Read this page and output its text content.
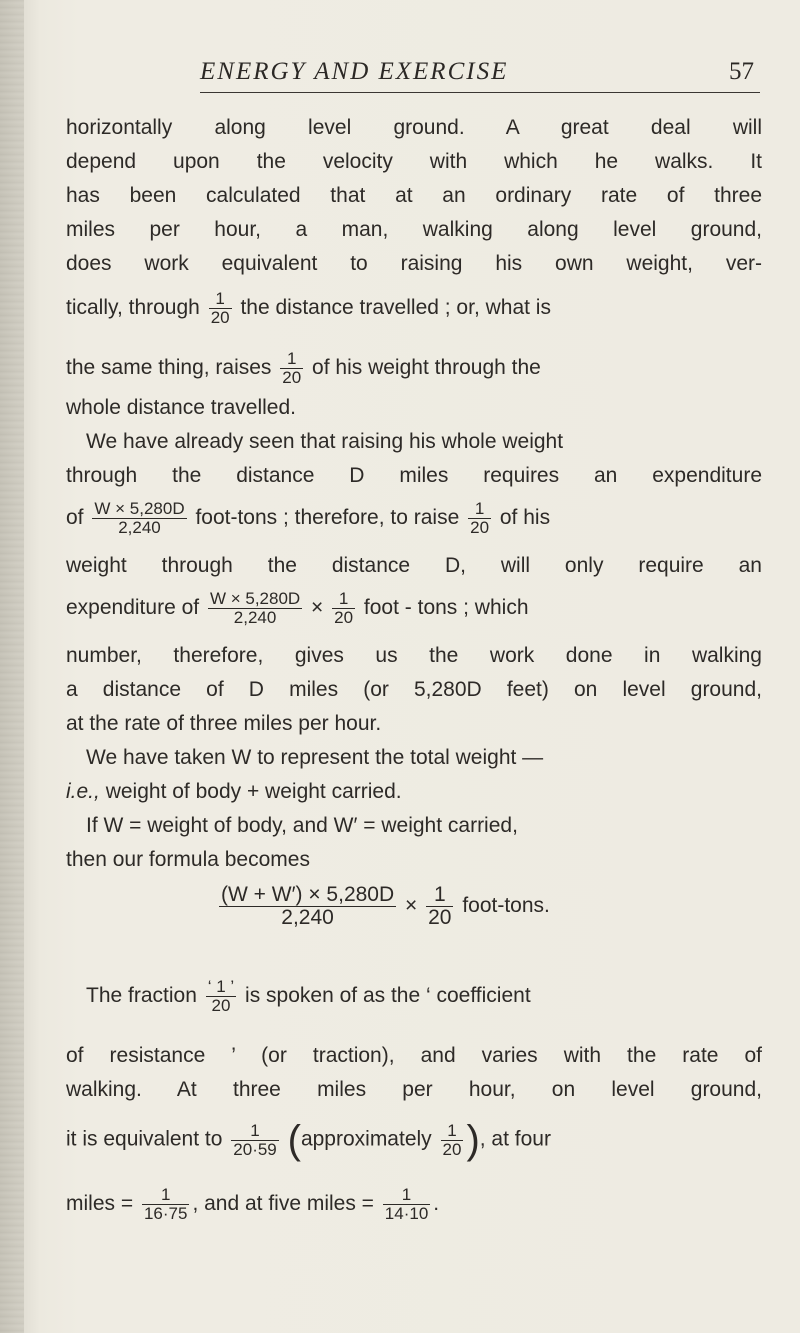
ENERGY AND EXERCISE	57
horizontally along level ground. A great deal will
depend upon the velocity with which he walks. It
has been calculated that at an ordinary rate of three
miles per hour, a man, walking along level ground,
does work equivalent to raising his own weight, ver-
tically, through $\frac{1}{20}$ the distance travelled ; or, what is
the same thing, raises $\frac{1}{20}$ of his weight through the
whole distance travelled.
We have already seen that raising his whole weight
through the distance D miles requires an expenditure
of $\frac{W \times 5,280D}{2,240}$ foot-tons ; therefore, to raise $\frac{1}{20}$ of his
weight through the distance D, will only require an
expenditure of $\frac{W \times 5,280D}{2,240} \times \frac{1}{20}$ foot - tons ; which
number, therefore, gives us the work done in walking
a distance of D miles (or 5,280D feet) on level ground,
at the rate of three miles per hour.
We have taken W to represent the total weight —
i.e., weight of body + weight carried.
If W = weight of body, and W′ = weight carried,
then our formula becomes
$\frac{(W + W') \times 5,280D}{2,240} \times \frac{1}{20}$ foot-tons.
The fraction $\frac{‘ 1 ’}{20}$ is spoken of as the ‘ coefficient
of resistance ’ (or traction), and varies with the rate of
walking. At three miles per hour, on level ground,
it is equivalent to $\frac{1}{20\cdot 59}$ (approximately $\frac{1}{20}$ ), at four
miles = $\frac{1}{16\cdot 75}$ , and at five miles = $\frac{1}{14\cdot 10}$ .
